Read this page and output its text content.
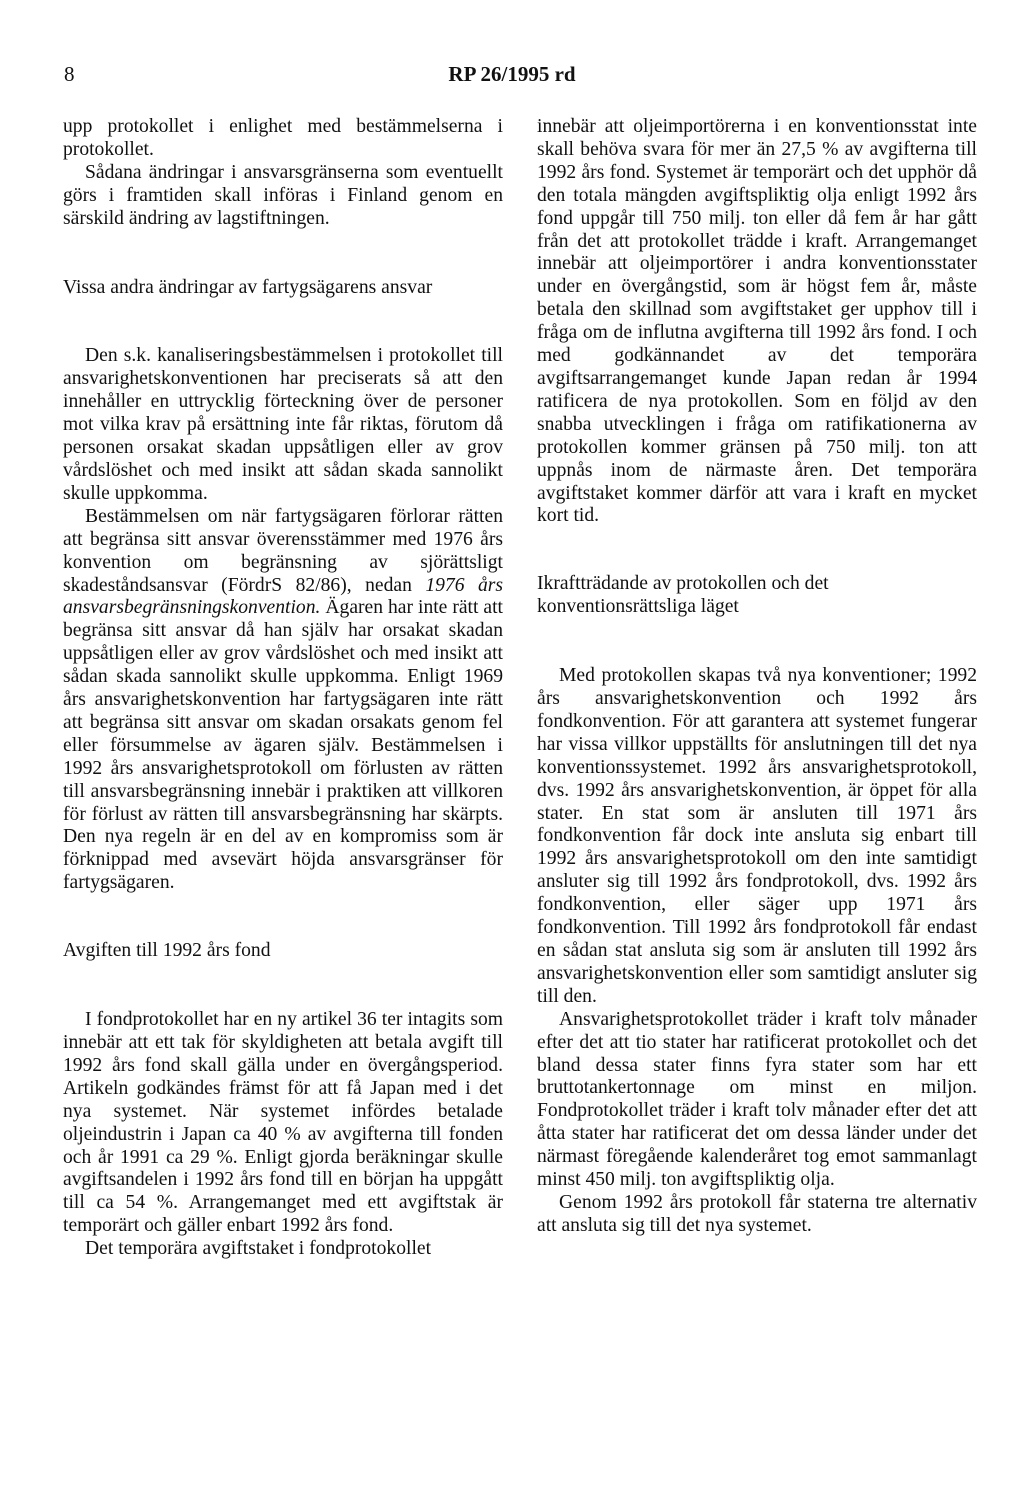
8	RP 26/1995 rd

upp protokollet i enlighet med bestämmelserna i protokollet.

Sådana ändringar i ansvarsgränserna som eventuellt görs i framtiden skall införas i Finland genom en särskild ändring av lagstiftningen.

Vissa andra ändringar av fartygsägarens ansvar

Den s.k. kanaliseringsbestämmelsen i protokollet till ansvarighetskonventionen har preciserats så att den innehåller en uttrycklig förteckning över de personer mot vilka krav på ersättning inte får riktas, förutom då personen orsakat skadan uppsåtligen eller av grov vårdslöshet och med insikt att sådan skada sannolikt skulle uppkomma.

Bestämmelsen om när fartygsägaren förlorar rätten att begränsa sitt ansvar överensstämmer med 1976 års konvention om begränsning av sjörättsligt skadeståndsansvar (FördrS 82/86), nedan 1976 års ansvarsbegränsningskonvention. Ägaren har inte rätt att begränsa sitt ansvar då han själv har orsakat skadan uppsåtligen eller av grov vårdslöshet och med insikt att sådan skada sannolikt skulle uppkomma. Enligt 1969 års ansvarighetskonvention har fartygsägaren inte rätt att begränsa sitt ansvar om skadan orsakats genom fel eller försummelse av ägaren själv. Bestämmelsen i 1992 års ansvarighetsprotokoll om förlusten av rätten till ansvarsbegränsning innebär i praktiken att villkoren för förlust av rätten till ansvarsbegränsning har skärpts. Den nya regeln är en del av en kompromiss som är förknippad med avsevärt höjda ansvarsgränser för fartygsägaren.

Avgiften till 1992 års fond

I fondprotokollet har en ny artikel 36 ter intagits som innebär att ett tak för skyldigheten att betala avgift till 1992 års fond skall gälla under en övergångsperiod. Artikeln godkändes främst för att få Japan med i det nya systemet. När systemet infördes betalade oljeindustrin i Japan ca 40 % av avgifterna till fonden och år 1991 ca 29 %. Enligt gjorda beräkningar skulle avgiftsandelen i 1992 års fond till en början ha uppgått till ca 54 %. Arrangemanget med ett avgiftstak är temporärt och gäller enbart 1992 års fond.

Det temporära avgiftstaket i fondprotokollet

innebär att oljeimportörerna i en konventionsstat inte skall behöva svara för mer än 27,5 % av avgifterna till 1992 års fond. Systemet är temporärt och det upphör då den totala mängden avgiftspliktig olja enligt 1992 års fond uppgår till 750 milj. ton eller då fem år har gått från det att protokollet trädde i kraft. Arrangemanget innebär att oljeimportörer i andra konventionsstater under en övergångstid, som är högst fem år, måste betala den skillnad som avgiftstaket ger upphov till i fråga om de influtna avgifterna till 1992 års fond. I och med godkännandet av det temporära avgiftsarrangemanget kunde Japan redan år 1994 ratificera de nya protokollen. Som en följd av den snabba utvecklingen i fråga om ratifikationerna av protokollen kommer gränsen på 750 milj. ton att uppnås inom de närmaste åren. Det temporära avgiftstaket kommer därför att vara i kraft en mycket kort tid.

Ikraftträdande av protokollen och det konventionsrättsliga läget

Med protokollen skapas två nya konventioner; 1992 års ansvarighetskonvention och 1992 års fondkonvention. För att garantera att systemet fungerar har vissa villkor uppställts för anslutningen till det nya konventionssystemet. 1992 års ansvarighetsprotokoll, dvs. 1992 års ansvarighetskonvention, är öppet för alla stater. En stat som är ansluten till 1971 års fondkonvention får dock inte ansluta sig enbart till 1992 års ansvarighetsprotokoll om den inte samtidigt ansluter sig till 1992 års fondprotokoll, dvs. 1992 års fondkonvention, eller säger upp 1971 års fondkonvention. Till 1992 års fondprotokoll får endast en sådan stat ansluta sig som är ansluten till 1992 års ansvarighetskonvention eller som samtidigt ansluter sig till den.

Ansvarighetsprotokollet träder i kraft tolv månader efter det att tio stater har ratificerat protokollet och det bland dessa stater finns fyra stater som har ett bruttotankertonnage om minst en miljon. Fondprotokollet träder i kraft tolv månader efter det att åtta stater har ratificerat det om dessa länder under det närmast föregående kalenderåret tog emot sammanlagt minst 450 milj. ton avgiftspliktig olja.

Genom 1992 års protokoll får staterna tre alternativ att ansluta sig till det nya systemet.
